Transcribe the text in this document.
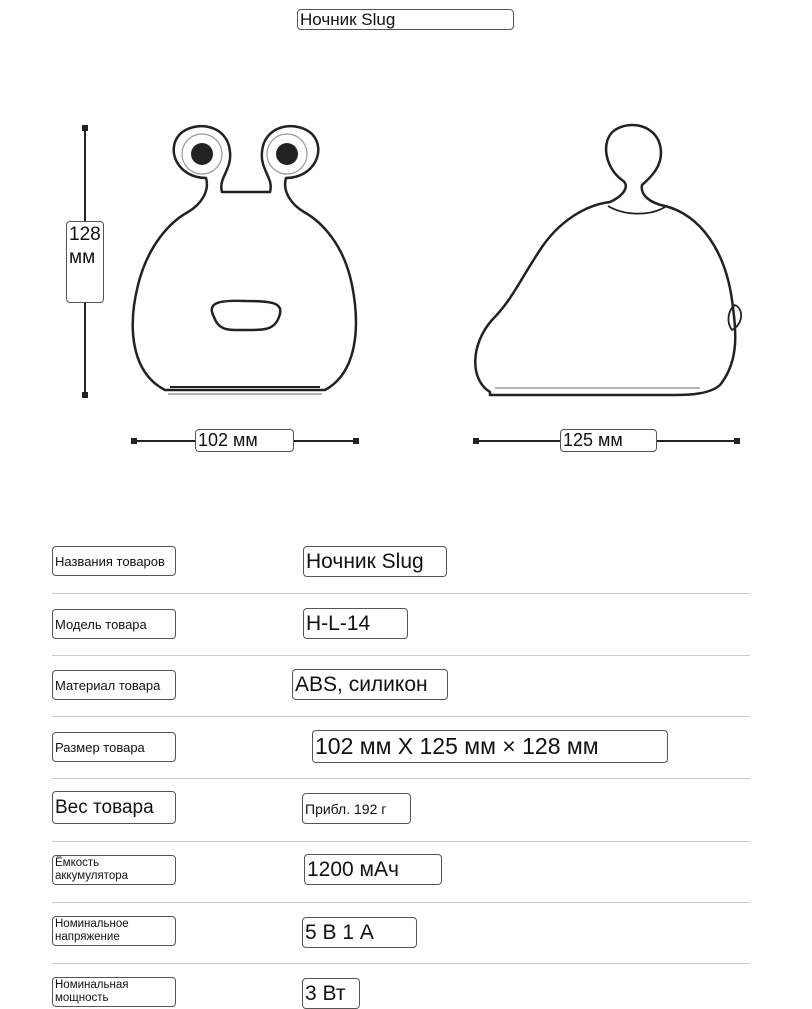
Ночник Slug
128 мм
102 мм	125 мм
Названия товаров	Ночник Slug
Модель товара	H-L-14
Материал товара	ABS, силикон
Размер товара	102 мм X 125 мм × 128 мм
Вес товара	Прибл. 192 г
Ёмкость аккумулятора	1200 мАч
Номинальное напряжение	5 В 1 А
Номинальная мощность	3 Вт
